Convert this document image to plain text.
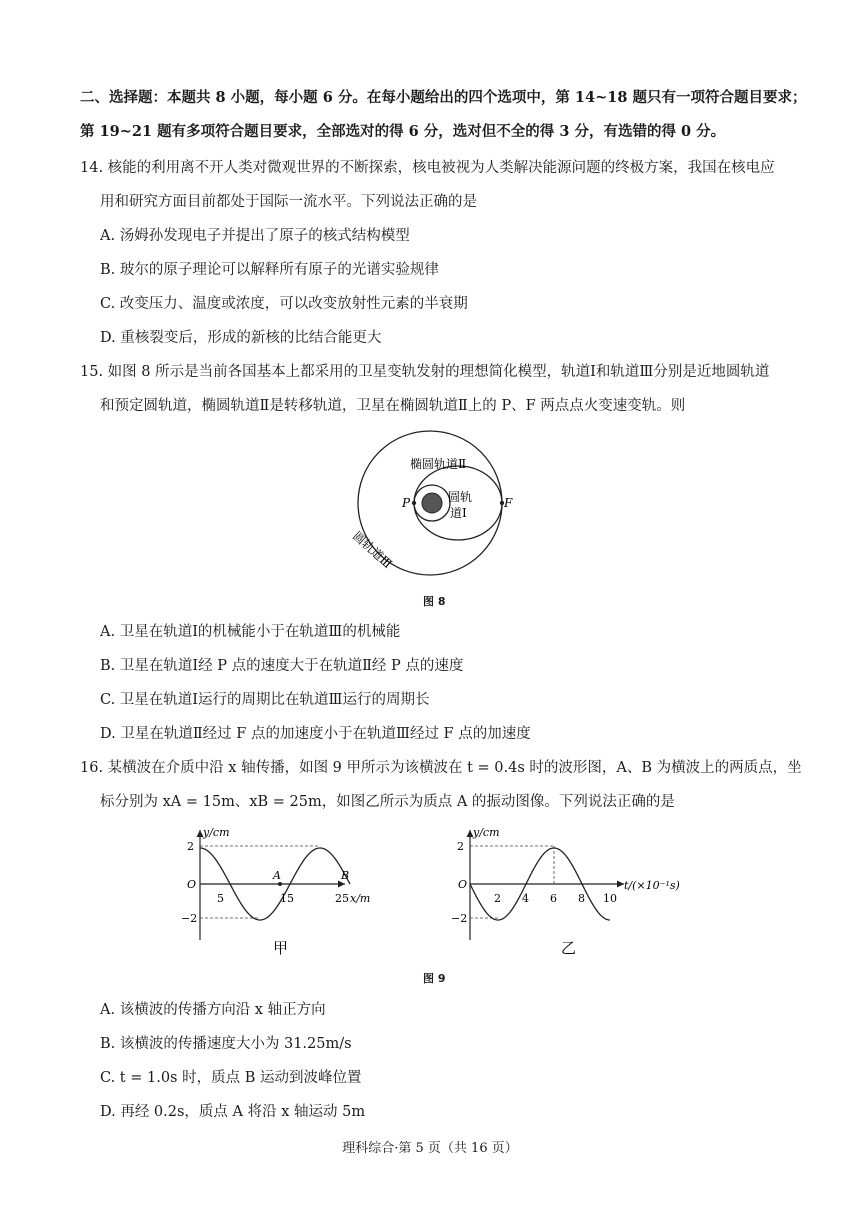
二、选择题：本题共 8 小题，每小题 6 分。在每小题给出的四个选项中，第 14~18 题只有一项符合题目要求；
第 19~21 题有多项符合题目要求，全部选对的得 6 分，选对但不全的得 3 分，有选错的得 0 分。
14. 核能的利用离不开人类对微观世界的不断探索，核电被视为人类解决能源问题的终极方案，我国在核电应
用和研究方面目前都处于国际一流水平。下列说法正确的是
A. 汤姆孙发现电子并提出了原子的核式结构模型
B. 玻尔的原子理论可以解释所有原子的光谱实验规律
C. 改变压力、温度或浓度，可以改变放射性元素的半衰期
D. 重核裂变后，形成的新核的比结合能更大
15. 如图 8 所示是当前各国基本上都采用的卫星变轨发射的理想简化模型，轨道Ⅰ和轨道Ⅲ分别是近地圆轨道
和预定圆轨道，椭圆轨道Ⅱ是转移轨道，卫星在椭圆轨道Ⅱ上的 P、F 两点点火变速变轨。则
P	F
椭圆轨道Ⅱ
圆轨
道Ⅰ
圆轨道Ⅲ
图 8
A. 卫星在轨道Ⅰ的机械能小于在轨道Ⅲ的机械能
B. 卫星在轨道Ⅰ经 P 点的速度大于在轨道Ⅱ经 P 点的速度
C. 卫星在轨道Ⅰ运行的周期比在轨道Ⅲ运行的周期长
D. 卫星在轨道Ⅱ经过 F 点的加速度小于在轨道Ⅲ经过 F 点的加速度
16. 某横波在介质中沿 x 轴传播，如图 9 甲所示为该横波在 t = 0.4s 时的波形图，A、B 为横波上的两质点，坐
标分别为 xA = 15m、xB = 25m，如图乙所示为质点 A 的振动图像。下列说法正确的是
y/cm
2
−2
O
5	15	25 x/m
A	B
甲
y/cm
2
−2
O
2 4 6 8 10
t/(×10⁻¹s)
乙
图 9
A. 该横波的传播方向沿 x 轴正方向
B. 该横波的传播速度大小为 31.25m/s
C. t = 1.0s 时，质点 B 运动到波峰位置
D. 再经 0.2s，质点 A 将沿 x 轴运动 5m
理科综合·第 5 页（共 16 页）
